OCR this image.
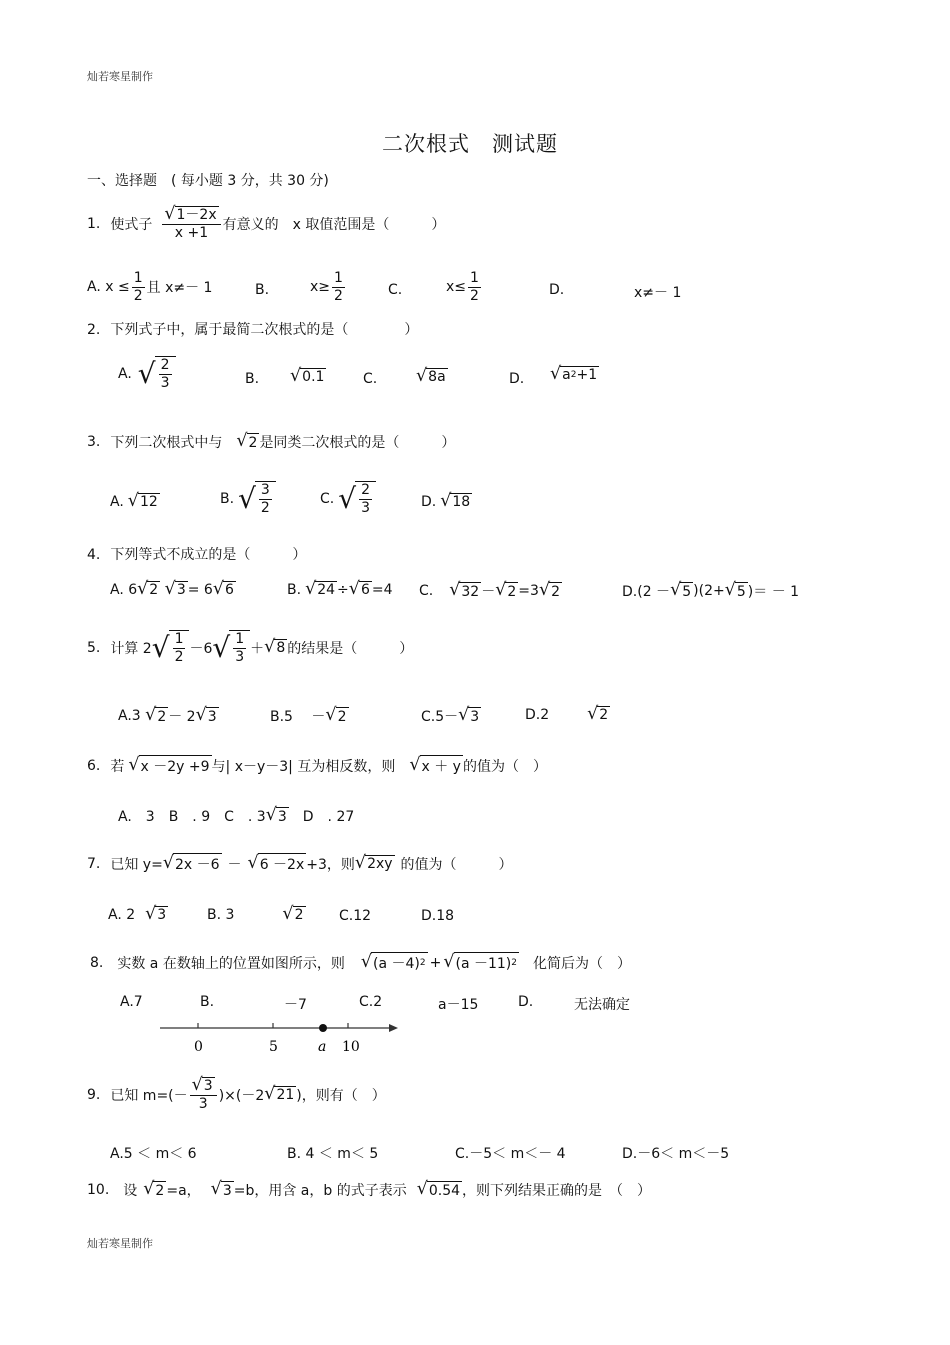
灿若寒星制作
二次根式　测试题
一、选择题　( 每小题 3 分，共 30 分)
1. 使式子 $\frac{√ 1-2x}{x +1}$ 有意义的　x 取值范围是（　　　）
A. $x \le \frac{1}{2}$ 且 x≠－ 1	B.	$x\ge \frac{1}{2}$	C.	$x\le \frac{1}{2}$	D.	x≠－ 1
2. 下列式子中，属于最简二次根式的是（　　　　）
A. √ $\frac{2}{3}$	B. √ 0.1	C. √ 8a	D. √ a 2 +1
3. 下列二次根式中与 √ 2 是同类二次根式的是（　　　）
A. √ 12	B. √ $\frac{3}{2}$	C. √ $\frac{2}{3}$	D. √ 18
4. 下列等式不成立的是（　　　）
A. 6 √ 2
√ 3 = 6 √ 6	B. √ 24 ÷ √ 6 =4 C. √ 32 － √ 2 =3 √ 2	D.(2 － √ 5 )(2+ √ 5 )＝ － 1
5. 计算 2 √ $\frac{1}{2} -6$ √ $\frac{1}{3}$ ＋ √ 8 的结果是（　　　）
A.3
√ 2 － 2 √ 3	B.5　 － √ 2	C.5－ √ 3	D.2 √ 2
6. 若 √ x －2y +9 与| x－y－3| 互为相反数，则 √ x ＋ y 的值为（　）
A.　3　B　. 9　C　. 3 √ 3 　D　. 27
7. 已知 y= √ 2x －6 － √ 6 －2x +3，则 √ 2xy 的值为（　　　）
A. 2 √ 3	B. 3	√ 2	C.12	D.18
8. 实数 a 在数轴上的位置如图所示，则 √ (a －4) 2 + √ (a －11) 2 化简后为（　）
A.7	B.	－7	C.2	a－15	D.	无法确定
0	5	a 10
9. 已知 $m=(- \frac{√ 3}{3} )\times(-2$ √ 21 )，则有（　）
A.5 ＜ m＜ 6	B. 4 ＜ m＜ 5	C.－5＜ m＜－ 4	D.－6＜ m＜－5
10. 设 √ 2 =a， √ 3 =b，用含 a，b 的式子表示 √ 0.54 ，则下列结果正确的是　（　）
灿若寒星制作
